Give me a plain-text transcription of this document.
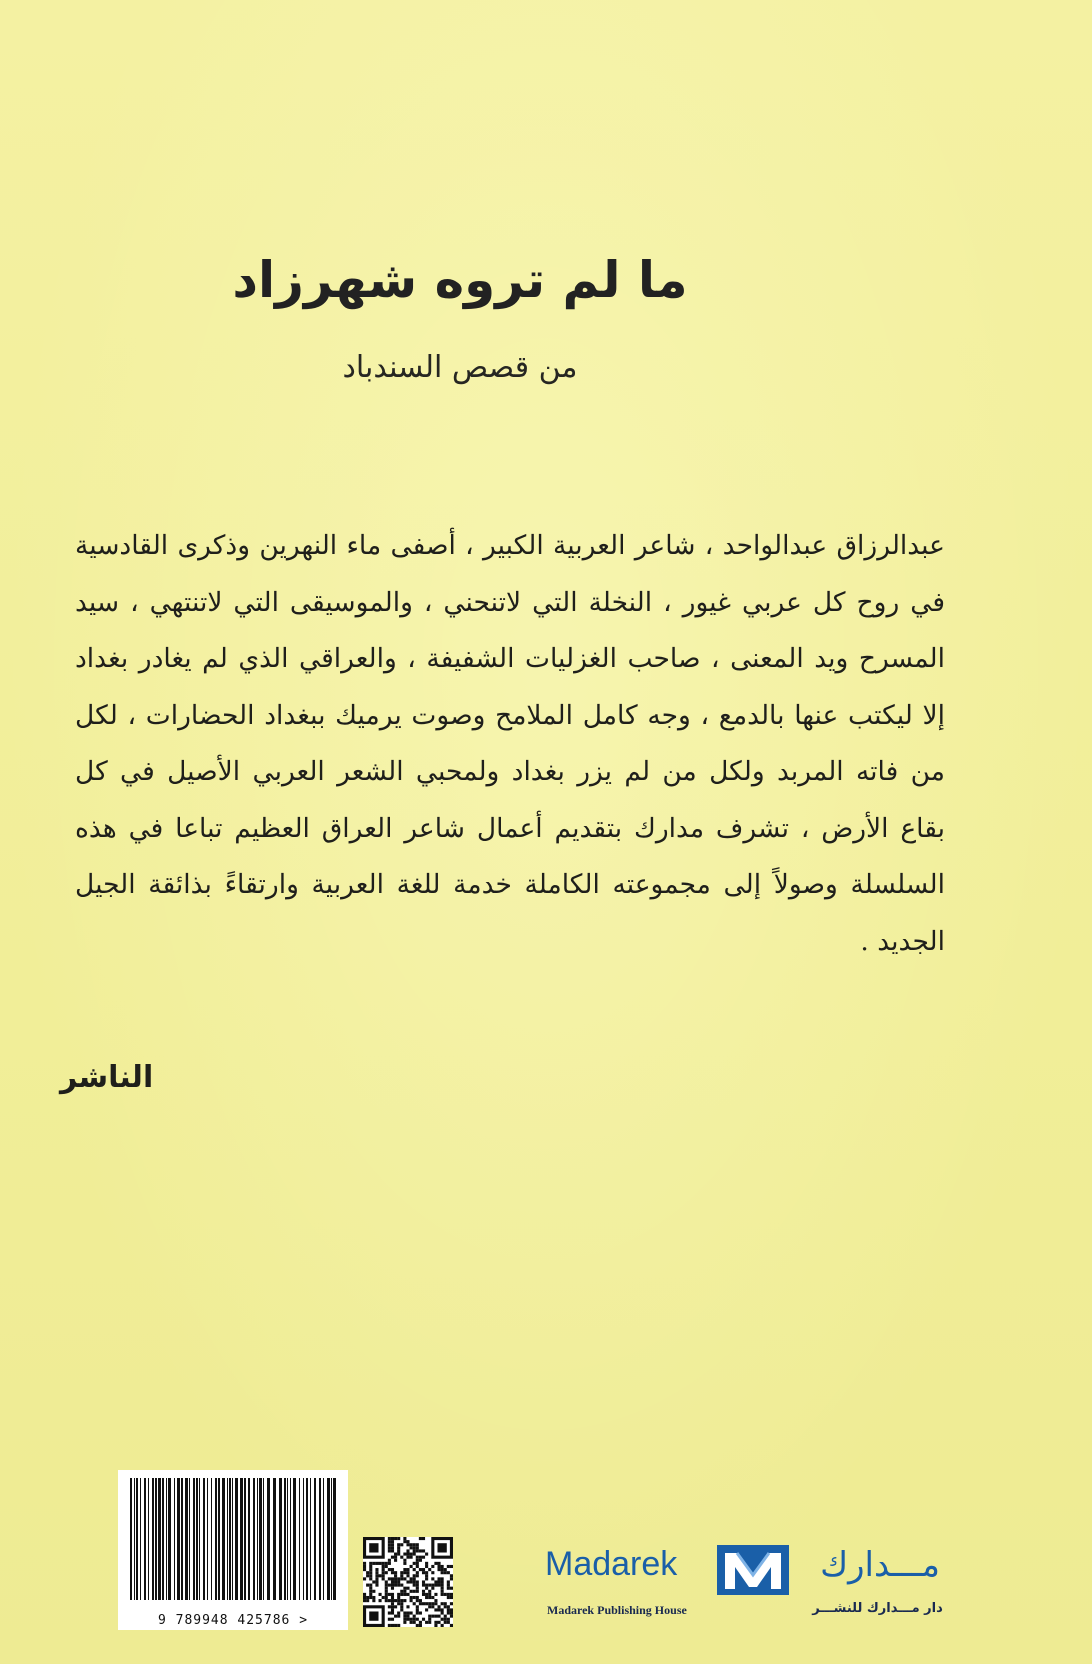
ما لم تروه شهرزاد
من قصص السندباد
عبدالرزاق عبدالواحد ، شاعر العربية الكبير ، أصفى ماء النهرين وذكرى القادسية في روح كل عربي غيور ، النخلة التي لاتنحني ، والموسيقى التي لاتنتهي ، سيد المسرح ويد المعنى ، صاحب الغزليات الشفيفة ، والعراقي الذي لم يغادر بغداد إلا ليكتب عنها بالدمع ، وجه كامل الملامح وصوت يرميك ببغداد الحضارات ، لكل من فاته المربد ولكل من لم يزر بغداد ولمحبي الشعر العربي الأصيل في كل بقاع الأرض ، تشرف مدارك بتقديم أعمال شاعر العراق العظيم تباعا في هذه السلسلة وصولاً إلى مجموعته الكاملة خدمة للغة العربية وارتقاءً بذائقة الجيل الجديد .
الناشر
9 789948 425786 >
Madarek	مـــدارك
Madarek Publishing House	دار مـــدارك للنشـــر
